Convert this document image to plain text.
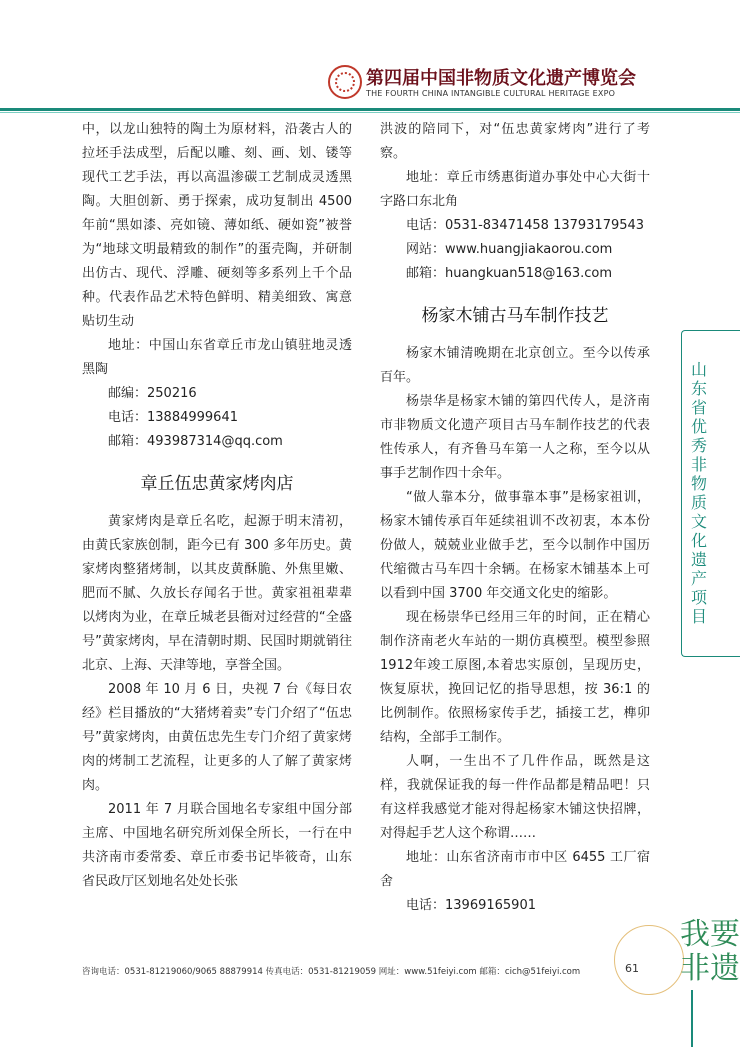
第四届中国非物质文化遗产博览会
THE FOURTH CHINA INTANGIBLE CULTURAL HERITAGE EXPO

中，以龙山独特的陶土为原材料，沿袭古人的拉坯手法成型，后配以雕、刻、画、划、镂等现代工艺手法，再以高温渗碳工艺制成灵透黑陶。大胆创新、勇于探索，成功复制出 4500 年前“黑如漆、亮如镜、薄如纸、硬如瓷”被誉为“地球文明最精致的制作”的蛋壳陶，并研制出仿古、现代、浮雕、硬刻等多系列上千个品种。代表作品艺术特色鲜明、精美细致、寓意贴切生动

地址：中国山东省章丘市龙山镇驻地灵透黑陶

邮编：250216

电话：13884999641

邮箱：493987314@qq.com

章丘伍忠黄家烤肉店

黄家烤肉是章丘名吃，起源于明末清初，由黄氏家族创制，距今已有 300 多年历史。黄家烤肉整猪烤制，以其皮黄酥脆、外焦里嫩、肥而不腻、久放长存闻名于世。黄家祖祖辈辈以烤肉为业，在章丘城老县衙对过经营的“全盛号”黄家烤肉，早在清朝时期、民国时期就销往北京、上海、天津等地，享誉全国。

2008 年 10 月 6 日，央视 7 台《每日农经》栏目播放的“大猪烤着卖”专门介绍了“伍忠号”黄家烤肉，由黄伍忠先生专门介绍了黄家烤肉的烤制工艺流程，让更多的人了解了黄家烤肉。

2011 年 7 月联合国地名专家组中国分部主席、中国地名研究所刘保全所长，一行在中共济南市委常委、章丘市委书记毕筱奇，山东省民政厅区划地名处处长张

洪波的陪同下，对“伍忠黄家烤肉”进行了考察。

地址：章丘市绣惠街道办事处中心大街十字路口东北角

电话：0531-83471458 13793179543

网站：www.huangjiakaorou.com

邮箱：huangkuan518@163.com

杨家木铺古马车制作技艺

杨家木铺清晚期在北京创立。至今以传承百年。

杨崇华是杨家木铺的第四代传人，是济南市非物质文化遗产项目古马车制作技艺的代表性传承人，有齐鲁马车第一人之称，至今以从事手艺制作四十余年。

“做人靠本分，做事靠本事”是杨家祖训，杨家木铺传承百年延续祖训不改初衷，本本份份做人，兢兢业业做手艺，至今以制作中国历代缩微古马车四十余辆。在杨家木铺基本上可以看到中国 3700 年交通文化史的缩影。

现在杨崇华已经用三年的时间，正在精心制作济南老火车站的一期仿真模型。模型参照1912年竣工原图,本着忠实原创，呈现历史，恢复原状，挽回记忆的指导思想，按 36:1 的比例制作。依照杨家传手艺，插接工艺，榫卯结构，全部手工制作。

人啊，一生出不了几件作品，既然是这样，我就保证我的每一件作品都是精品吧！只有这样我感觉才能对得起杨家木铺这快招牌，对得起手艺人这个称谓……

地址：山东省济南市市中区 6455 工厂宿舍

电话：13969165901

山东省优秀非物质文化遗产项目
我要非遗
咨询电话：0531-81219060/9065 88879914 传真电话：0531-81219059 网址：www.51feiyi.com 邮箱：cich@51feiyi.com	61
